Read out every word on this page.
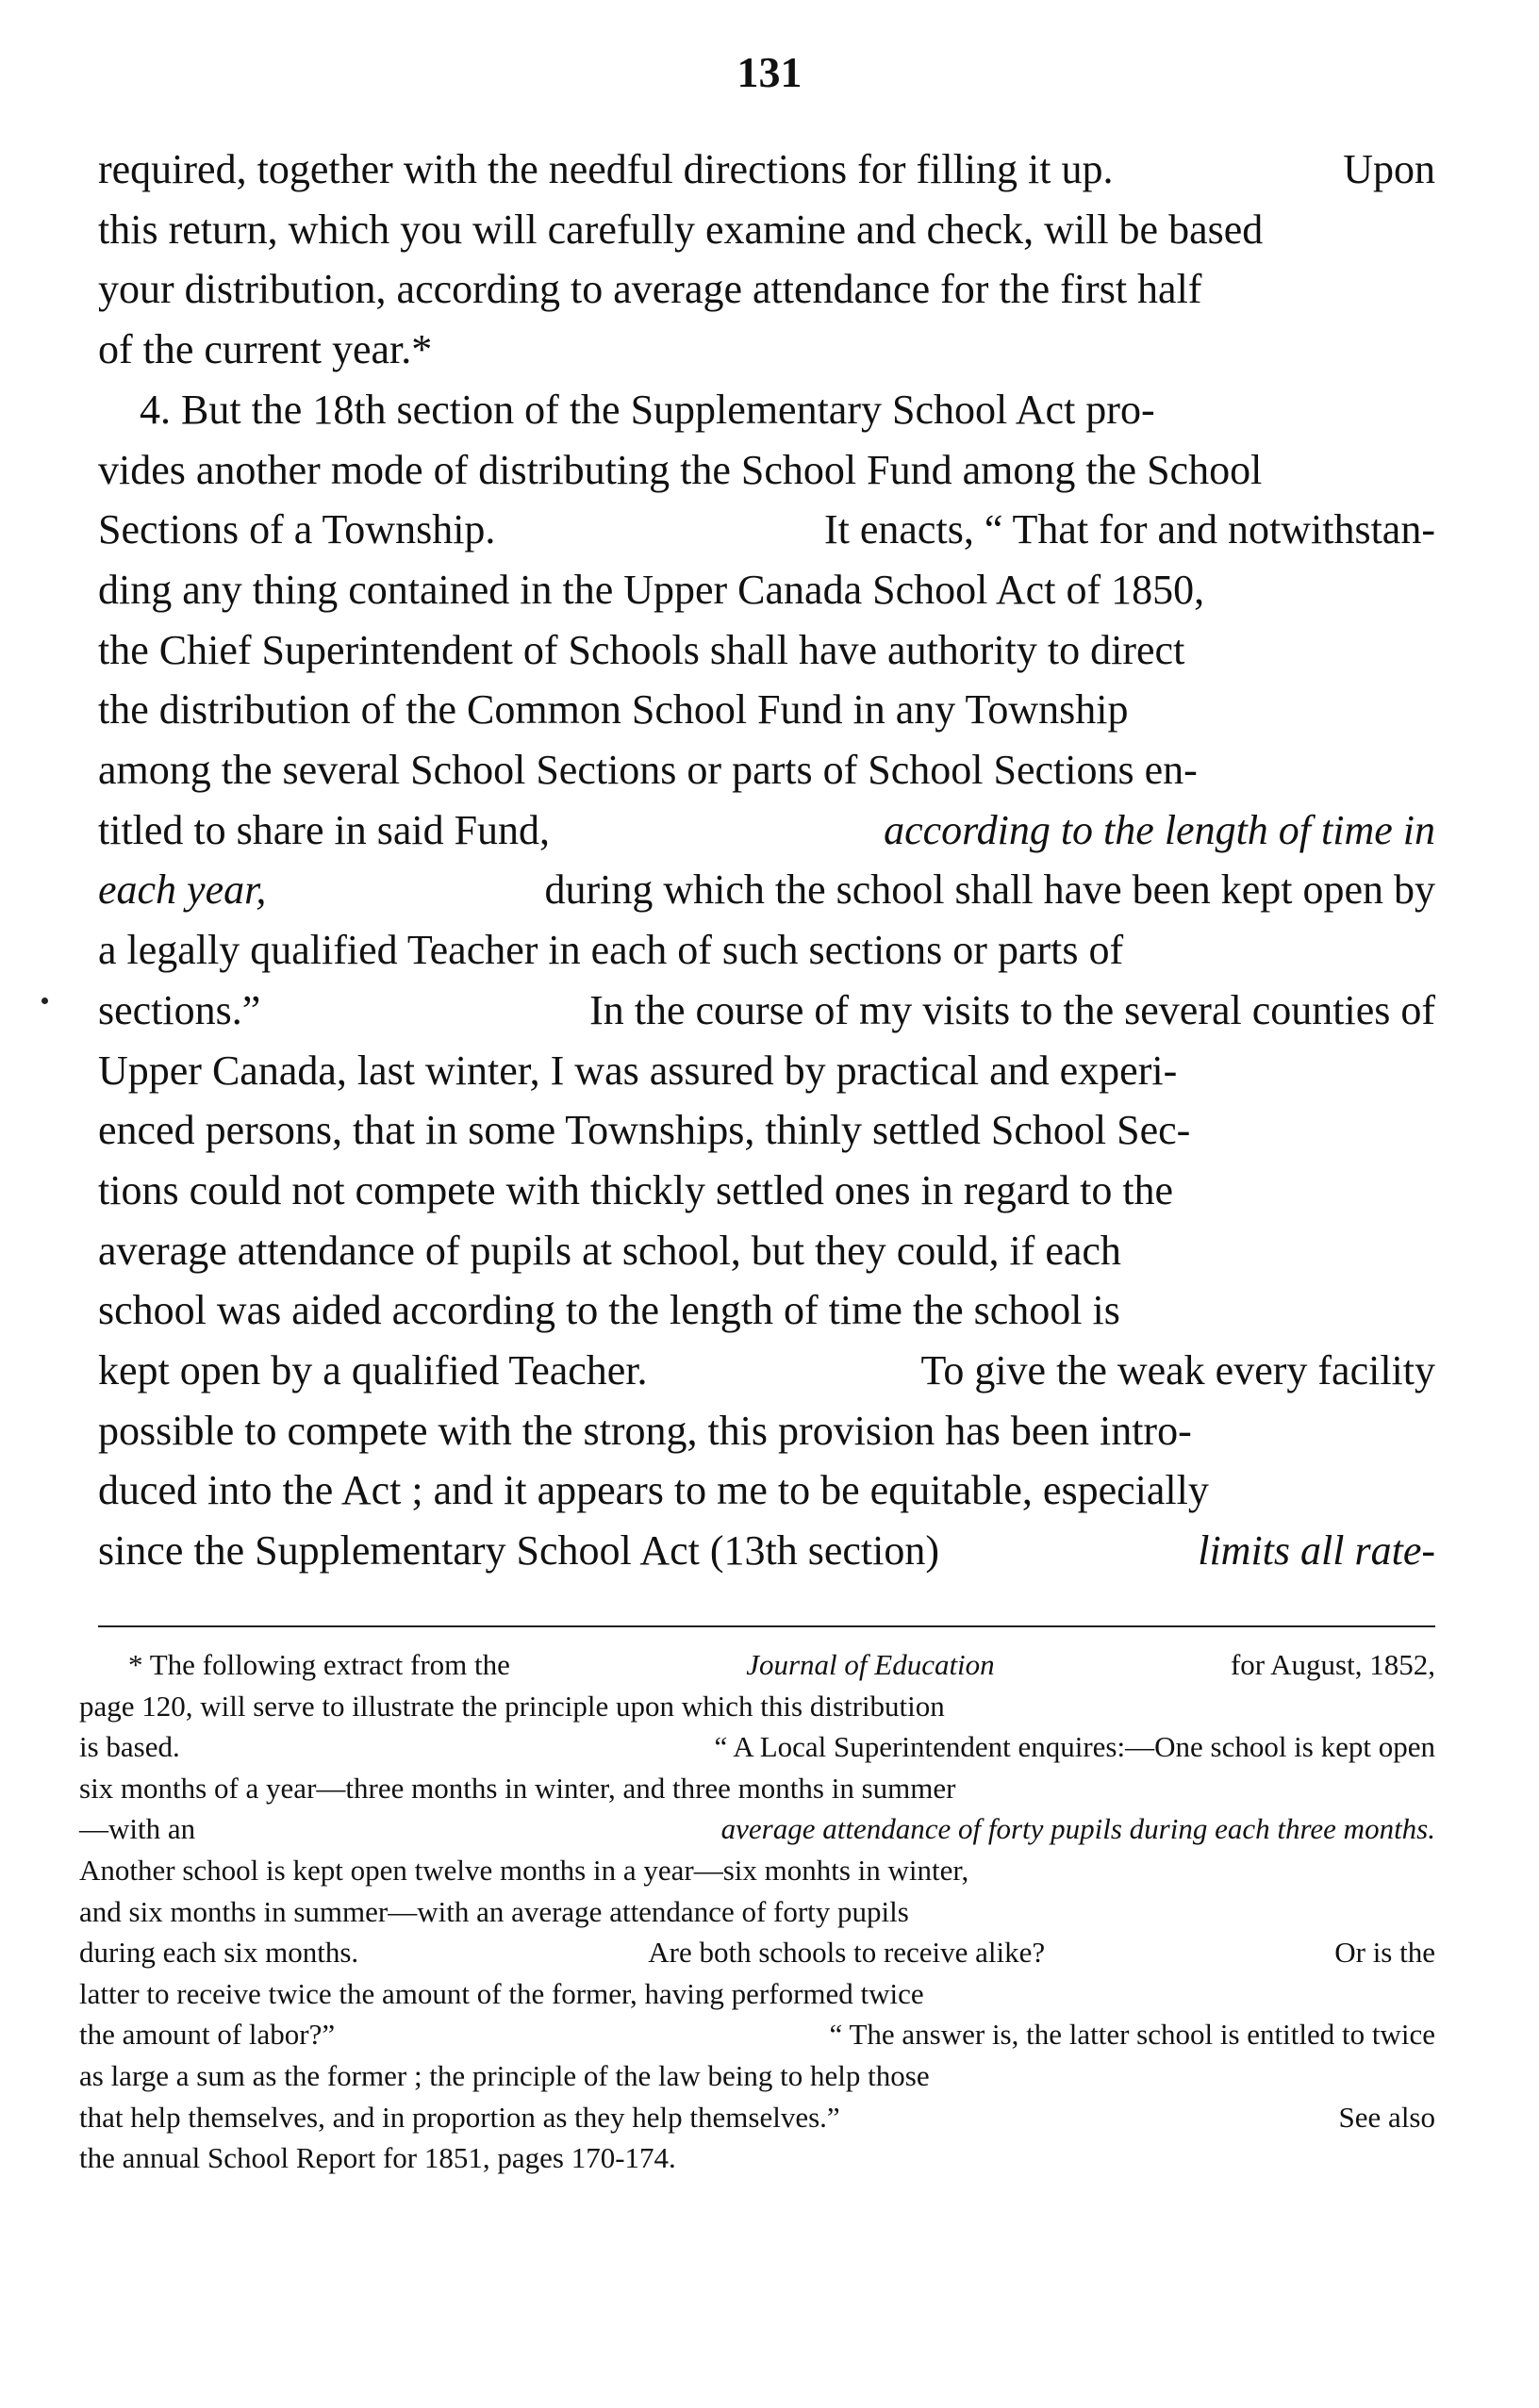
131
required, together with the needful directions for filling it up.	Upon
this return, which you will carefully examine and check, will be based
your distribution, according to average attendance for the first half
of the current year.*
4. But the 18th section of the Supplementary School Act pro-
vides another mode of distributing the School Fund among the School
Sections of a Township.	It enacts, “ That for and notwithstan-
ding any thing contained in the Upper Canada School Act of 1850,
the Chief Superintendent of Schools shall have authority to direct
the distribution of the Common School Fund in any Township
among the several School Sections or parts of School Sections en-
titled to share in said Fund,	according to the length of time in
each year,	during which the school shall have been kept open by
a legally qualified Teacher in each of such sections or parts of
sections.”	In the course of my visits to the several counties of
Upper Canada, last winter, I was assured by practical and experi-
enced persons, that in some Townships, thinly settled School Sec-
tions could not compete with thickly settled ones in regard to the
average attendance of pupils at school, but they could, if each
school was aided according to the length of time the school is
kept open by a qualified Teacher.	To give the weak every facility
possible to compete with the strong, this provision has been intro-
duced into the Act ; and it appears to me to be equitable, especially
since the Supplementary School Act (13th section)	limits all rate-
* The following extract from the	Journal of Education	for August, 1852,
page 120, will serve to illustrate the principle upon which this distribution
is based.	“ A Local Superintendent enquires:—One school is kept open
six months of a year—three months in winter, and three months in summer
—with an	average attendance of forty pupils during each three months.
Another school is kept open twelve months in a year—six monhts in winter,
and six months in summer—with an average attendance of forty pupils
during each six months.	Are both schools to receive alike?	Or is the
latter to receive twice the amount of the former, having performed twice
the amount of labor?”	“ The answer is, the latter school is entitled to twice
as large a sum as the former ; the principle of the law being to help those
that help themselves, and in proportion as they help themselves.”	See also
the annual School Report for 1851, pages 170-174.
